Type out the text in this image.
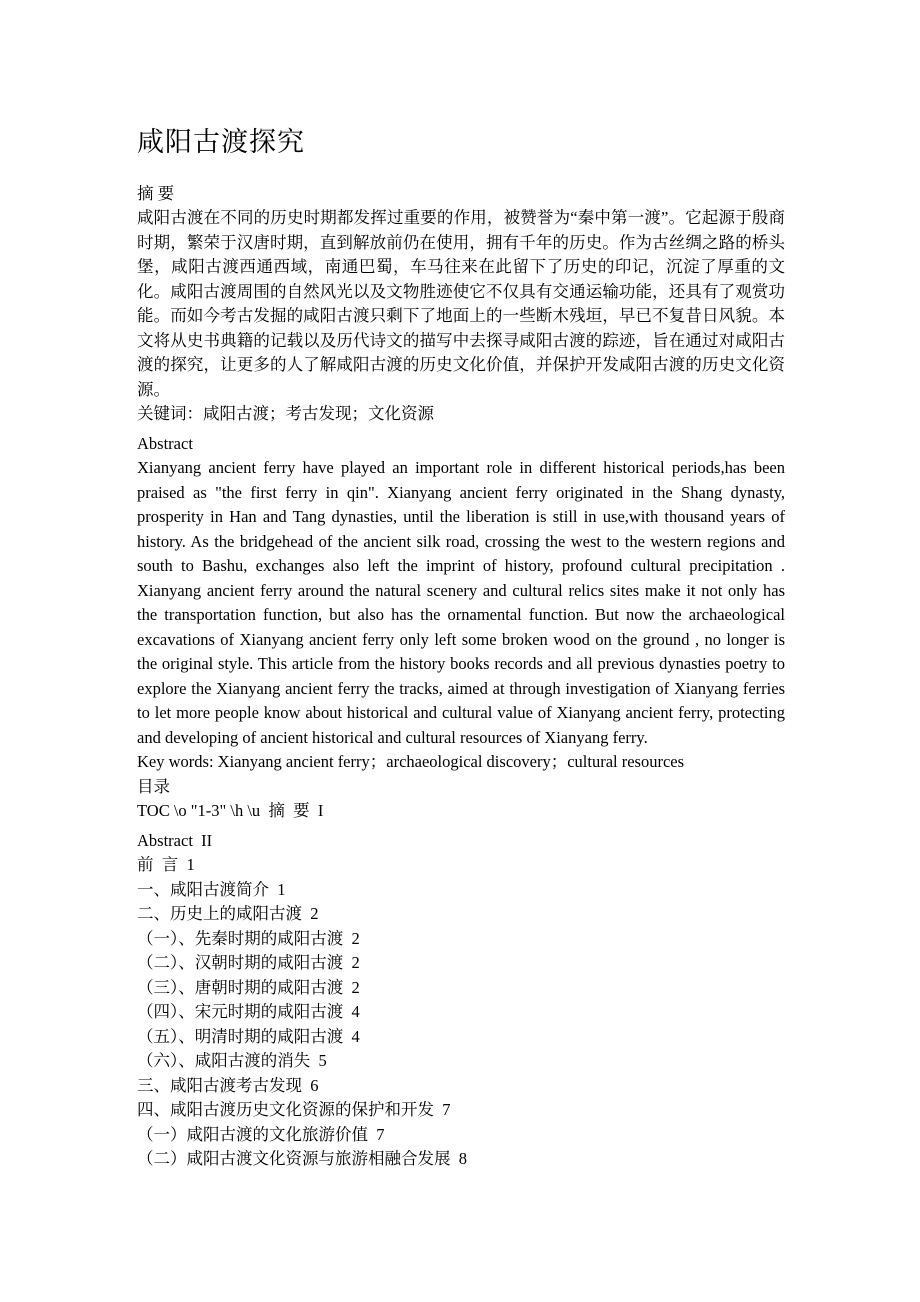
咸阳古渡探究

摘 要

咸阳古渡在不同的历史时期都发挥过重要的作用，被赞誉为“秦中第一渡”。它起源于殷商时期，繁荣于汉唐时期，直到解放前仍在使用，拥有千年的历史。作为古丝绸之路的桥头堡，咸阳古渡西通西域，南通巴蜀，车马往来在此留下了历史的印记，沉淀了厚重的文化。咸阳古渡周围的自然风光以及文物胜迹使它不仅具有交通运输功能，还具有了观赏功能。而如今考古发掘的咸阳古渡只剩下了地面上的一些断木残垣，早已不复昔日风貌。本文将从史书典籍的记载以及历代诗文的描写中去探寻咸阳古渡的踪迹，旨在通过对咸阳古渡的探究，让更多的人了解咸阳古渡的历史文化价值，并保护开发咸阳古渡的历史文化资源。

关键词：咸阳古渡；考古发现；文化资源

Abstract

Xianyang ancient ferry have played an important role in different historical periods,has been praised as "the first ferry in qin". Xianyang ancient ferry originated in the Shang dynasty, prosperity in Han and Tang dynasties, until the liberation is still in use,with thousand years of history. As the bridgehead of the ancient silk road, crossing the west to the western regions and south to Bashu, exchanges also left the imprint of history, profound cultural precipitation . Xianyang ancient ferry around the natural scenery and cultural relics sites make it not only has the transportation function, but also has the ornamental function. But now the archaeological excavations of Xianyang ancient ferry only left some broken wood on the ground , no longer is the original style. This article from the history books records and all previous dynasties poetry to explore the Xianyang ancient ferry the tracks, aimed at through investigation of Xianyang ferries to let more people know about historical and cultural value of Xianyang ancient ferry, protecting and developing of ancient historical and cultural resources of Xianyang ferry.

Key words: Xianyang ancient ferry；archaeological discovery；cultural resources

目录

TOC \o "1-3" \h \u  摘  要  I

Abstract  II

前  言  1

一、咸阳古渡简介  1

二、历史上的咸阳古渡  2

（一）、先秦时期的咸阳古渡  2

（二）、汉朝时期的咸阳古渡  2

（三）、唐朝时期的咸阳古渡  2

（四）、宋元时期的咸阳古渡  4

（五）、明清时期的咸阳古渡  4

（六）、咸阳古渡的消失  5

三、咸阳古渡考古发现  6

四、咸阳古渡历史文化资源的保护和开发  7

（一）咸阳古渡的文化旅游价值  7

（二）咸阳古渡文化资源与旅游相融合发展  8
